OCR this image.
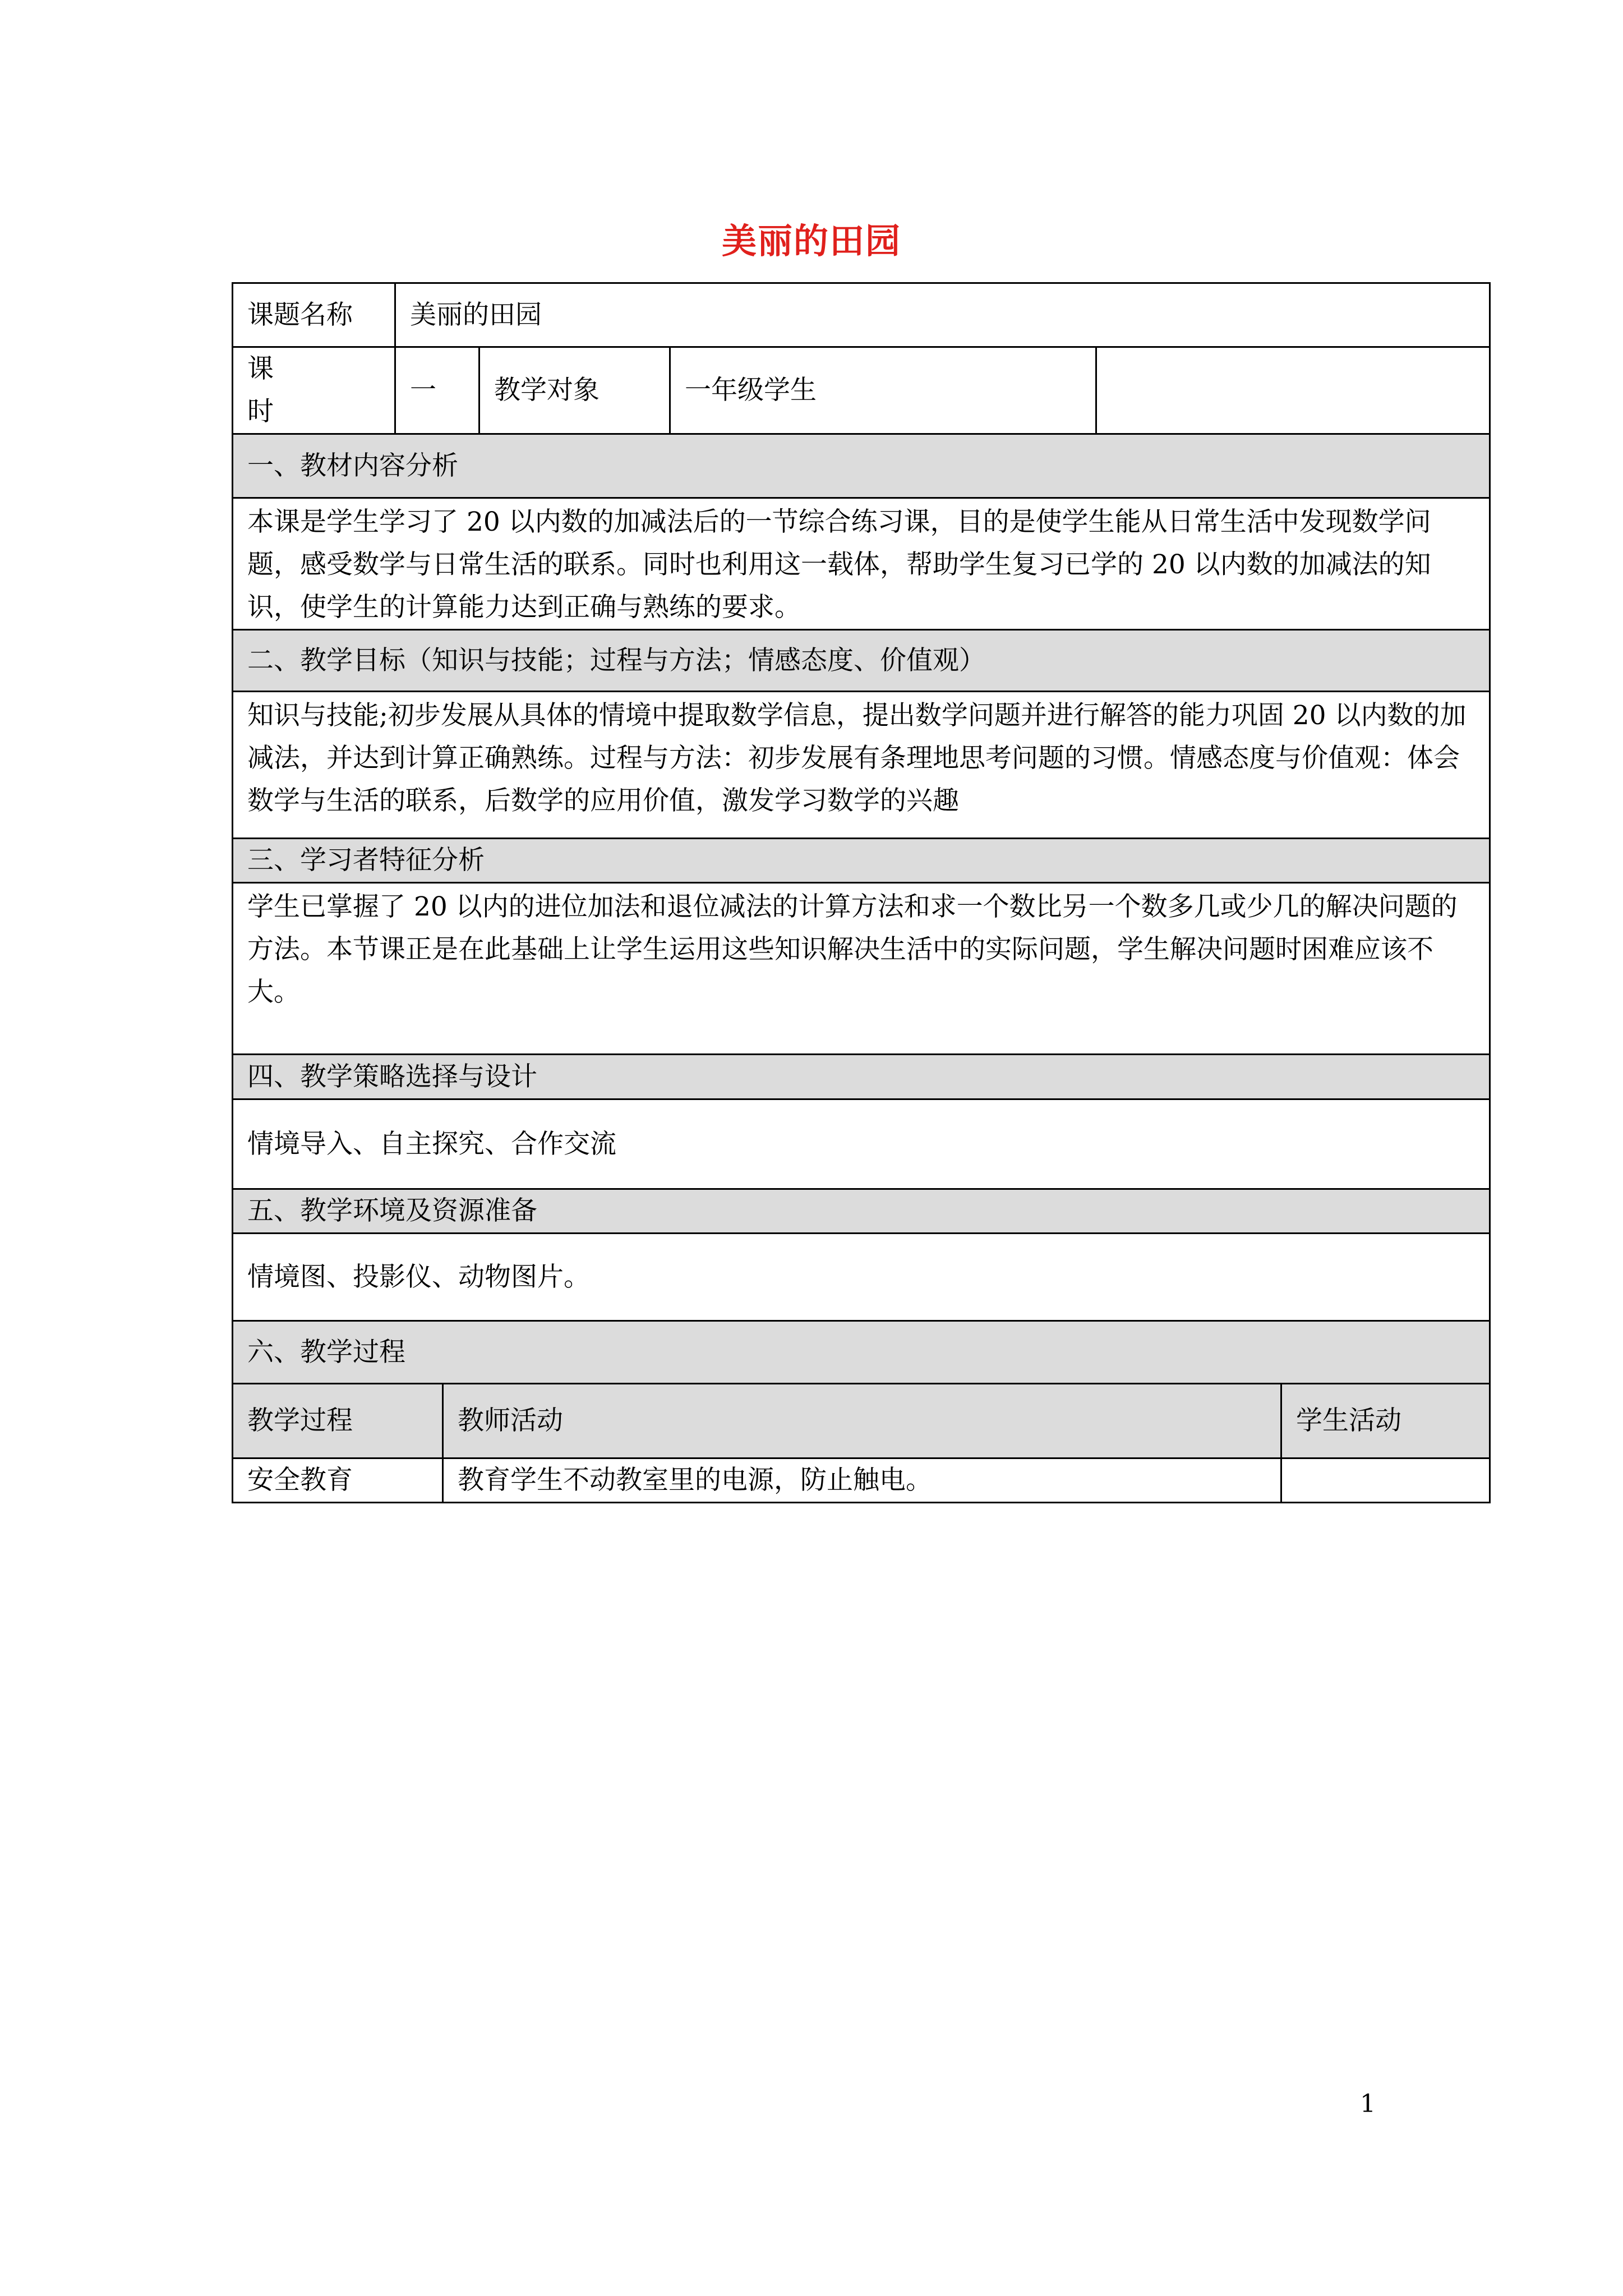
美丽的田园
课题名称	美丽的田园					
课 时	一		教学对象	一年级学生		
一、教材内容分析						
本课是学生学习了 20 以内数的加减法后的一节综合练习课，目的是使学生能从日常生活中发现数学问题，感受数学与日常生活的联系。同时也利用这一载体，帮助学生复习已学的 20 以内数的加减法的知识，使学生的计算能力达到正确与熟练的要求。						
二、教学目标（知识与技能；过程与方法；情感态度、价值观）						
知识与技能;初步发展从具体的情境中提取数学信息，提出数学问题并进行解答的能力巩固 20 以内数的加减法，并达到计算正确熟练。过程与方法：初步发展有条理地思考问题的习惯。情感态度与价值观：体会数学与生活的联系，后数学的应用价值，激发学习数学的兴趣						
三、学习者特征分析						
学生已掌握了 20 以内的进位加法和退位减法的计算方法和求一个数比另一个数多几或少几的解决问题的方法。本节课正是在此基础上让学生运用这些知识解决生活中的实际问题，学生解决问题时困难应该不大。						
四、教学策略选择与设计						
情境导入、自主探究、合作交流						
五、教学环境及资源准备						
情境图、投影仪、动物图片。						
六、教学过程						
教学过程		教师活动				学生活动
安全教育		教育学生不动教室里的电源，防止触电。				
1
